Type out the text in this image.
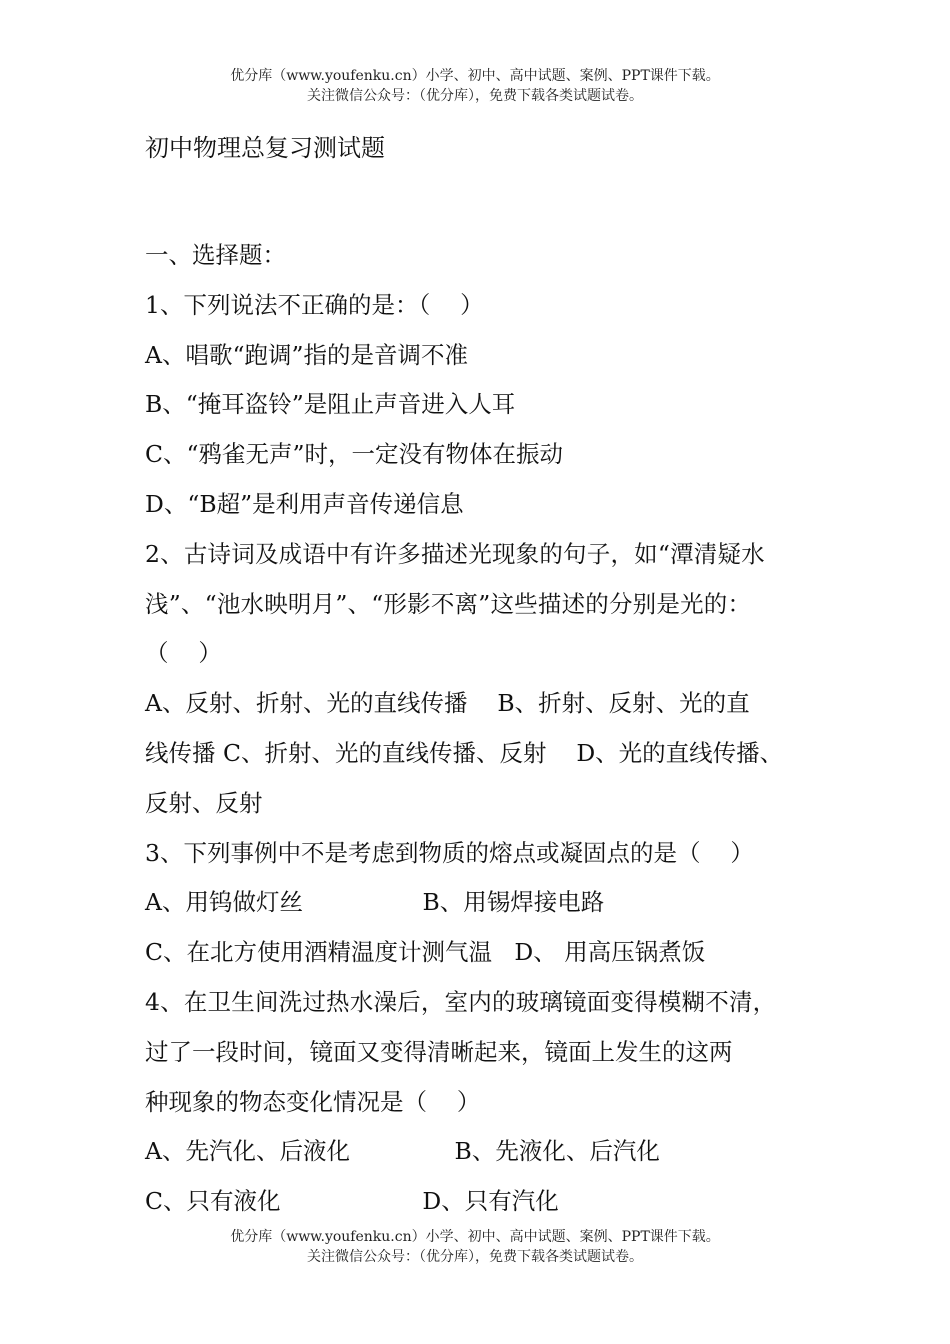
优分库（www.youfenku.cn）小学、初中、高中试题、案例、PPT课件下载。
关注微信公众号：（优分库），免费下载各类试题试卷。
初中物理总复习测试题
一、选择题：
1、下列说法不正确的是：（    ）
A、唱歌“跑调”指的是音调不准
B、“掩耳盗铃”是阻止声音进入人耳
C、“鸦雀无声”时，一定没有物体在振动
D、“B超”是利用声音传递信息
2、古诗词及成语中有许多描述光现象的句子，如“潭清疑水
浅”、“池水映明月”、“形影不离”这些描述的分别是光的：
（    ）
A、反射、折射、光的直线传播    B、折射、反射、光的直
线传播 C、折射、光的直线传播、反射    D、光的直线传播、
反射、反射
3、下列事例中不是考虑到物质的熔点或凝固点的是（    ）
A、用钨做灯丝                B、用锡焊接电路
C、在北方使用酒精温度计测气温   D、 用高压锅煮饭
4、在卫生间洗过热水澡后，室内的玻璃镜面变得模糊不清，
过了一段时间，镜面又变得清晰起来，镜面上发生的这两
种现象的物态变化情况是（    ）
A、先汽化、后液化              B、先液化、后汽化
C、只有液化                   D、只有汽化
优分库（www.youfenku.cn）小学、初中、高中试题、案例、PPT课件下载。
关注微信公众号：（优分库），免费下载各类试题试卷。
